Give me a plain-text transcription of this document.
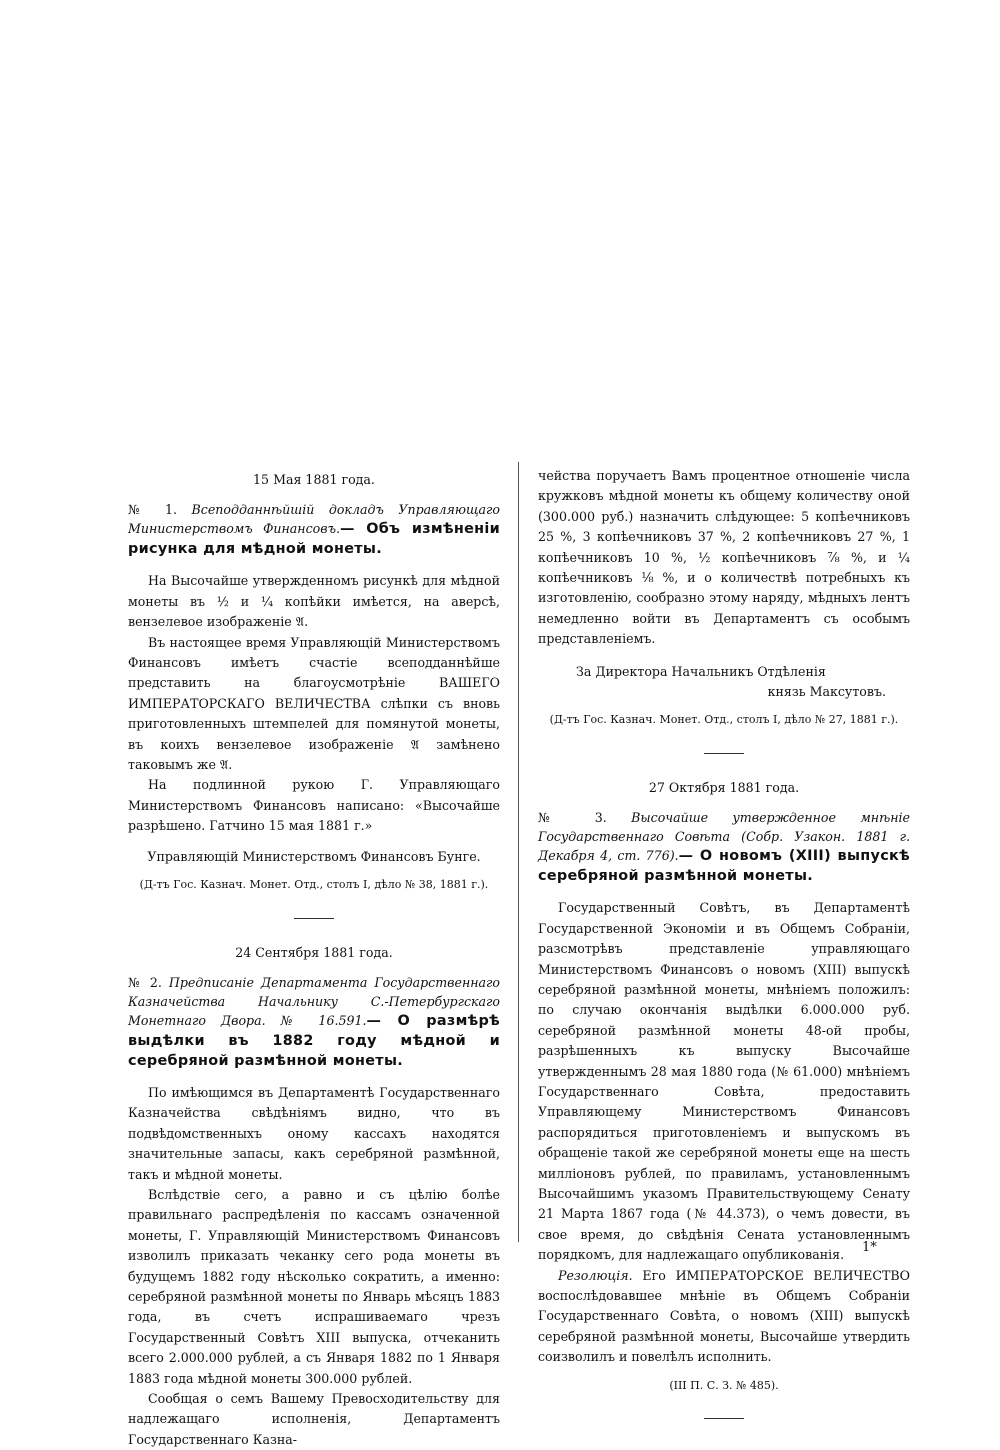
15 Мая 1881 года.
№ 1. Всеподданнѣйшій докладъ Управляющаго Министерствомъ Финансовъ.— Объ измѣненіи рисунка для мѣдной монеты.

На Высочайше утвержденномъ рисункѣ для мѣдной монеты въ ½ и ¼ копѣйки имѣется, на аверсѣ, вензелевое изображеніе 𝔄.

Въ настоящее время Управляющій Министерствомъ Финансовъ имѣетъ счастіе всеподданнѣйше представить на благоусмотрѣніе ВАШЕГО ИМПЕРАТОРСКАГО ВЕЛИЧЕСТВА слѣпки съ вновь приготовленныхъ штемпелей для помянутой монеты, въ коихъ вензелевое изображеніе 𝔄 замѣнено таковымъ же 𝔄.

На подлинной рукою Г. Управляющаго Министерствомъ Финансовъ написано: «Высочайше разрѣшено. Гатчино 15 мая 1881 г.»

Управляющій Министерствомъ Финансовъ Бунге.

(Д-тъ Гос. Казнач. Монет. Отд., столъ I, дѣло № 38, 1881 г.).

24 Сентября 1881 года.
№ 2. Предписаніе Департамента Государственнаго Казначейства Начальнику С.-Петербургскаго Монетнаго Двора. № 16.591.— О размѣрѣ выдѣлки въ 1882 году мѣдной и серебряной размѣнной монеты.

По имѣющимся въ Департаментѣ Государственнаго Казначейства свѣдѣніямъ видно, что въ подвѣдомственныхъ оному кассахъ находятся значительные запасы, какъ серебряной размѣнной, такъ и мѣдной монеты.

Вслѣдствіе сего, а равно и съ цѣлію болѣе правильнаго распредѣленія по кассамъ означенной монеты, Г. Управляющій Министерствомъ Финансовъ изволилъ приказать чеканку сего рода монеты въ будущемъ 1882 году нѣсколько сократить, а именно: серебряной размѣнной монеты по Январь мѣсяцъ 1883 года, въ счетъ испрашиваемаго чрезъ Государственный Совѣтъ XIII выпуска, отчеканить всего 2.000.000 рублей, а съ Января 1882 по 1 Января 1883 года мѣдной монеты 300.000 рублей.

Сообщая о семъ Вашему Превосходительству для надлежащаго исполненія, Департаментъ Государственнаго Казна-

чейства поручаетъ Вамъ процентное отношеніе числа кружковъ мѣдной монеты къ общему количеству оной (300.000 руб.) назначить слѣдующее: 5 копѣечниковъ 25 %, 3 копѣечниковъ 37 %, 2 копѣечниковъ 27 %, 1 копѣечниковъ 10 %, ½ копѣечниковъ ⅞ %, и ¼ копѣечниковъ ⅛ %, и о количествѣ потребныхъ къ изготовленію, сообразно этому наряду, мѣдныхъ лентъ немедленно войти въ Департаментъ съ особымъ представленіемъ.

За Директора Начальникъ Отдѣленія

князь Максутовъ.

(Д-тъ Гос. Казнач. Монет. Отд., столъ I, дѣло № 27, 1881 г.).

27 Октября 1881 года.
№ 3. Высочайше утвержденное мнѣніе Государственнаго Совѣта (Собр. Узакон. 1881 г. Декабря 4, ст. 776).— О новомъ (XIII) выпускѣ серебряной размѣнной монеты.

Государственный Совѣтъ, въ Департаментѣ Государственной Экономіи и въ Общемъ Собраніи, разсмотрѣвъ представленіе управляющаго Министерствомъ Финансовъ о новомъ (XIII) выпускѣ серебряной размѣнной монеты, мнѣніемъ положилъ: по случаю окончанія выдѣлки 6.000.000 руб. серебряной размѣнной монеты 48-ой пробы, разрѣшенныхъ къ выпуску Высочайше утвержденнымъ 28 мая 1880 года (№ 61.000) мнѣніемъ Государственнаго Совѣта, предоставить Управляющему Министерствомъ Финансовъ распорядиться приготовленіемъ и выпускомъ въ обращеніе такой же серебряной монеты еще на шесть милліоновъ рублей, по правиламъ, установленнымъ Высочайшимъ указомъ Правительствующему Сенату 21 Марта 1867 года (№ 44.373), о чемъ довести, въ свое время, до свѣдѣнія Сената установленнымъ порядкомъ, для надлежащаго опубликованія.

Резолюція. Его ИМПЕРАТОРСКОЕ ВЕЛИЧЕСТВО воспослѣдовавшее мнѣніе въ Общемъ Собраніи Государственнаго Совѣта, о новомъ (XIII) выпускѣ серебряной размѣнной монеты, Высочайше утвердить соизволилъ и повелѣлъ исполнить.

(III П. С. З. № 485).

1*
